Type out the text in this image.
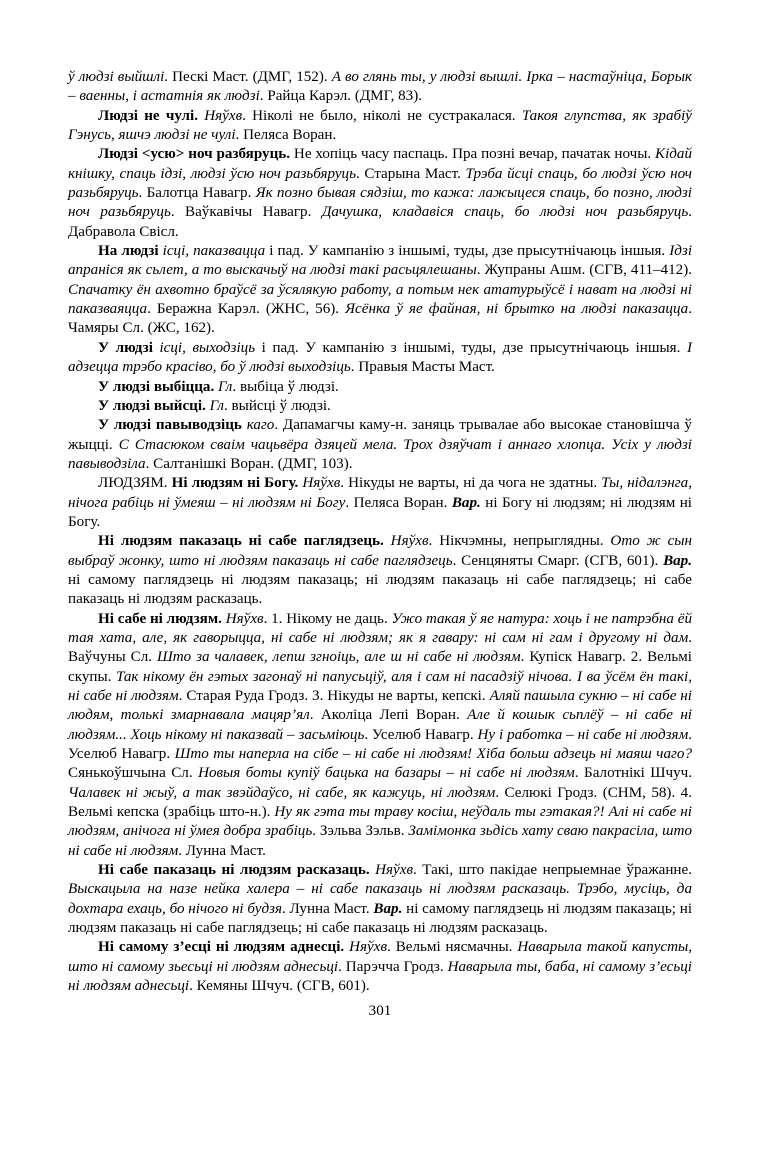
ў людзі выйшлі. Пескі Маст. (ДМГ, 152). А во глянь ты, у людзі вышлі. Ірка – настаўніца, Борык – ваенны, і астатнія як людзі. Райца Карэл. (ДМГ, 83).

Людзі не чулі. Няўхв. Ніколі не было, ніколі не сустракалася. Такоя глупства, як зрабіў Гэнусь, яшчэ людзі не чулі. Пеляса Воран.

Людзі <усю> ноч разбяруць. Не хопіць часу паспаць. Пра позні вечар, пачатак ночы. Кідай кнішку, спаць ідзі, людзі ўсю ноч разьбяруць. Старына Маст. Трэба йсці спаць, бо людзі ўсю ноч разьбяруць. Балотца Навагр. Як позно бывая сядзіш, то кажа: лажыцеся спаць, бо позно, людзі ноч разьбяруць. Ваўкавічы Навагр. Дачушка, кладавіся спаць, бо людзі ноч разьбяруць. Дабравола Свісл.

На людзі ісці, паказвацца і пад. У кампанію з іншымі, туды, дзе прысутнічаюць іншыя. Ідзі апраніся як сьлет, а то выскачыў на людзі такі расьцялешаны. Жупраны Ашм. (СГВ, 411–412). Спачатку ён ахвотно браўсё за ўсялякую работу, а потым нек ататурыўсё і нават на людзі ні паказваяцца. Беражна Карэл. (ЖНС, 56). Ясёнка ў яе файная, ні брытко на людзі паказацца. Чамяры Сл. (ЖС, 162).

У людзі ісці, выходзіць і пад. У кампанію з іншымі, туды, дзе прысутнічаюць іншыя. І адзецца трэбо красіво, бо ў людзі выходзіць. Правыя Масты Маст.

У людзі выбіцца. Гл. выбіца ў людзі.

У людзі выйсці. Гл. выйсці ў людзі.

У людзі павыводзіць каго. Дапамагчы каму-н. заняць трывалае або высокае становішча ў жыцці. С Стасюком сваім чацьвёра дзяцей мела. Трох дзяўчат і аннаго хлопца. Усіх у людзі павыводзіла. Салтанішкі Воран. (ДМГ, 103).

ЛЮДЗЯМ. Ні людзям ні Богу. Няўхв. Нікуды не варты, ні да чога не здатны. Ты, нідалэнга, нічога рабіць ні ўмеяш – ні людзям ні Богу. Пеляса Воран. Вар. ні Богу ні людзям; ні людзям ні Богу.

Ні людзям паказаць ні сабе паглядзець. Няўхв. Нікчэмны, непрыглядны. Ото ж сын выбраў жонку, што ні людзям паказаць ні сабе паглядзець. Сенцяняты Смарг. (СГВ, 601). Вар. ні самому паглядзець ні людзям паказаць; ні людзям паказаць ні сабе паглядзець; ні сабе паказаць ні людзям расказаць.

Ні сабе ні людзям. Няўхв. 1. Нікому не даць. Ужо такая ў яе натура: хоць і не патрэбна ёй тая хата, але, як гаворыцца, ні сабе ні людзям; як я гавару: ні сам ні гам і другому ні дам. Ваўчуны Сл. Што за чалавек, лепш згноіць, але ш ні сабе ні людзям. Купіск Навагр. 2. Вельмі скупы. Так нікому ён гэтых загонаў ні папусьціў, аля і сам ні пасадзіў нічова. І ва ўсём ён такі, ні сабе ні людзям. Старая Руда Гродз. 3. Нікуды не варты, кепскі. Аляй пашыла сукню – ні сабе ні людям, толькі змарнавала мацяр’ял. Аколіца Лепі Воран. Але й кошык сьплёў – ні сабе ні людзям... Хоць нікому ні паказвай – засьміюць. Уселюб Навагр. Ну і работка – ні сабе ні людзям. Уселюб Навагр. Што ты наперла на сібе – ні сабе ні людзям! Хіба больш адзець ні маяш чаго? Сянькоўшчына Сл. Новыя боты купіў бацька на базары – ні сабе ні людзям. Балотнікі Шчуч. Чалавек ні жыў, а так звэйдаўсо, ні сабе, як кажуць, ні людзям. Селюкі Гродз. (СНМ, 58). 4. Вельмі кепска (зрабіць што-н.). Ну як гэта ты траву косіш, неўдаль ты гэтакая?! Алі ні сабе ні людзям, анічога ні ўмея добра зрабіць. Зэльва Зэльв. Замімонка зьдісь хату сваю пакрасіла, што ні сабе ні людзям. Лунна Маст.

Ні сабе паказаць ні людзям расказаць. Няўхв. Такі, што пакідае непрыемнае ўражанне. Выскацыла на назе нейка халера – ні сабе паказаць ні людзям расказаць. Трэбо, мусіць, да дохтара ехаць, бо нічого ні будзя. Лунна Маст. Вар. ні самому паглядзець ні людзям паказаць; ні людзям паказаць ні сабе паглядзець; ні сабе паказаць ні людзям расказаць.

Ні самому з’есці ні людзям аднесці. Няўхв. Вельмі нясмачны. Наварыла такой капусты, што ні самому зьесьці ні людзям аднесьці. Парэчча Гродз. Наварыла ты, баба, ні самому з’есьці ні людзям аднесьці. Кемяны Шчуч. (СГВ, 601).

301
